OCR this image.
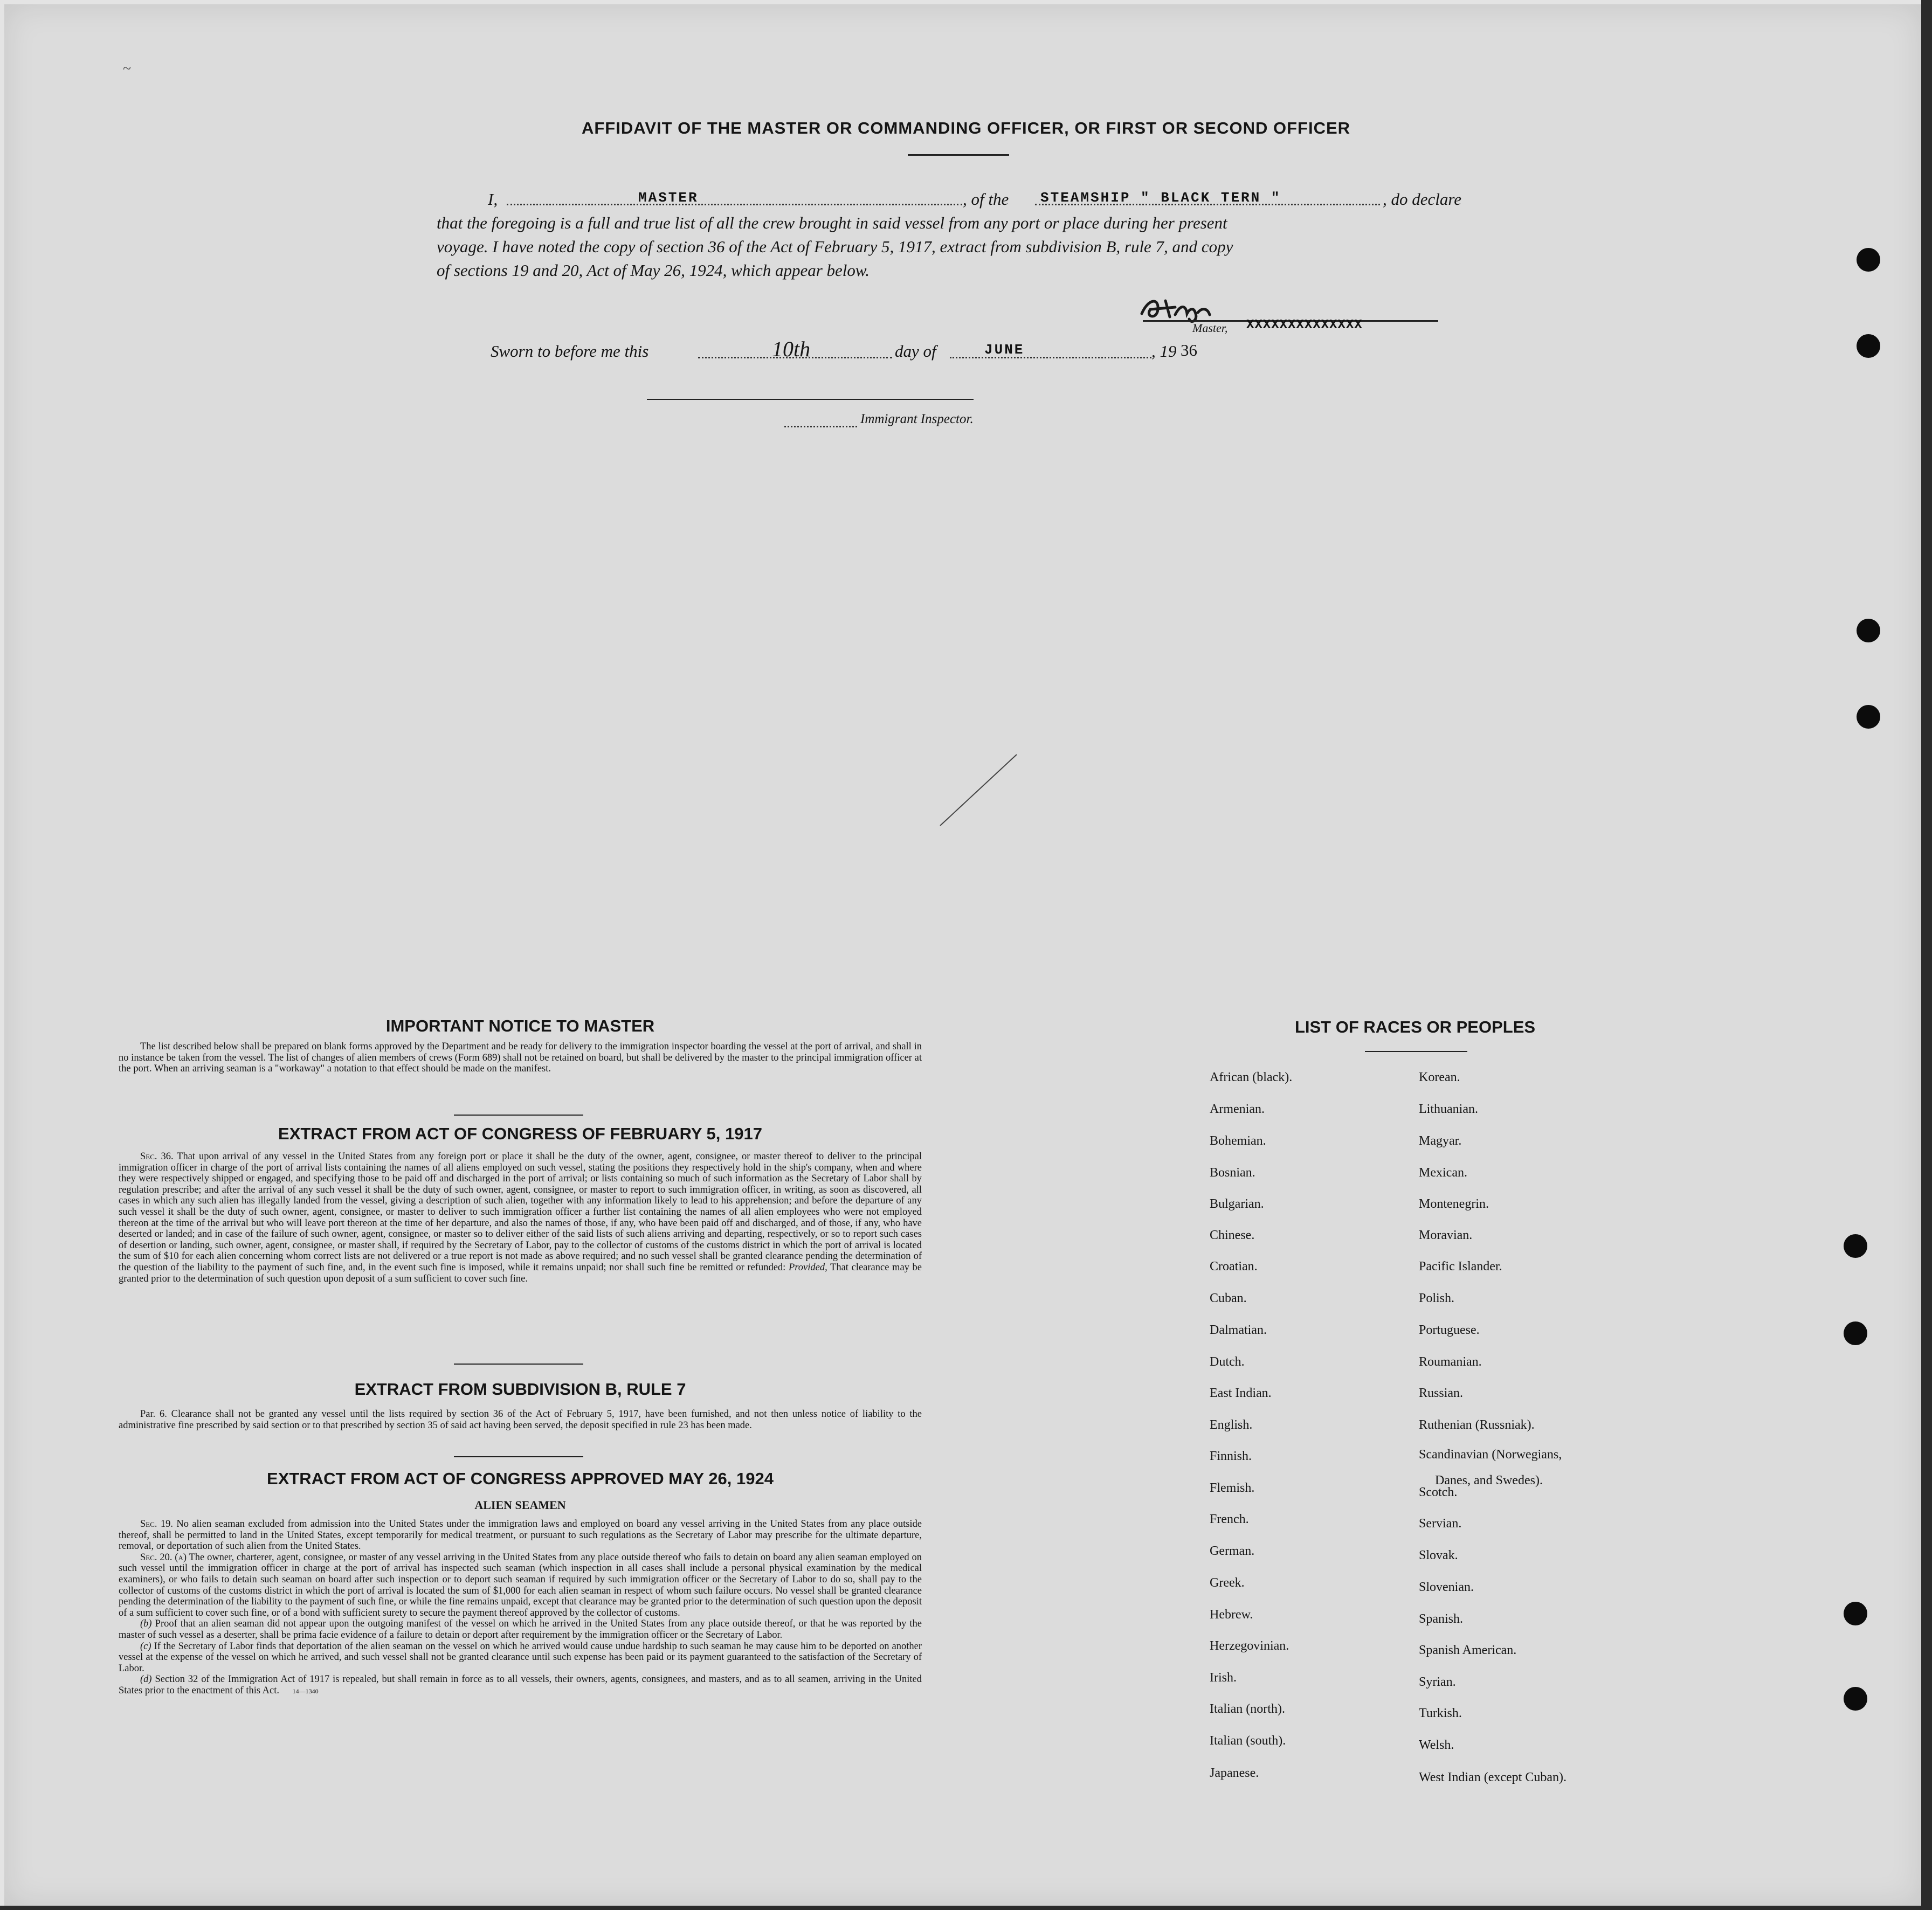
AFFIDAVIT OF THE MASTER OR COMMANDING OFFICER, OR FIRST OR SECOND OFFICER
I,	MASTER	, of the STEAMSHIP " BLACK TERN "	, do declare
that the foregoing is a full and true list of all the crew brought in said vessel from any port or place during her present
voyage. I have noted the copy of section 36 of the Act of February 5, 1917, extract from subdivision B, rule 7, and copy
of sections 19 and 20, Act of May 26, 1924, which appear below.
Master, XXXXXXXXXXXXXX
Sworn to before me this	10th	day of	JUNE	, 19 36
Immigrant Inspector.
~
IMPORTANT NOTICE TO MASTER

The list described below shall be prepared on blank forms approved by the Department and be ready for delivery to the immigration inspector boarding the vessel at the port of arrival, and shall in no instance be taken from the vessel. The list of changes of alien members of crews (Form 689) shall not be retained on board, but shall be delivered by the master to the principal immigration officer at the port. When an arriving seaman is a "workaway" a notation to that effect should be made on the manifest.

EXTRACT FROM ACT OF CONGRESS OF FEBRUARY 5, 1917

Sec. 36. That upon arrival of any vessel in the United States from any foreign port or place it shall be the duty of the owner, agent, consignee, or master thereof to deliver to the principal immigration officer in charge of the port of arrival lists containing the names of all aliens employed on such vessel, stating the positions they respectively hold in the ship's company, when and where they were respectively shipped or engaged, and specifying those to be paid off and discharged in the port of arrival; or lists containing so much of such information as the Secretary of Labor shall by regulation prescribe; and after the arrival of any such vessel it shall be the duty of such owner, agent, consignee, or master to report to such immigration officer, in writing, as soon as discovered, all cases in which any such alien has illegally landed from the vessel, giving a description of such alien, together with any information likely to lead to his apprehension; and before the departure of any such vessel it shall be the duty of such owner, agent, consignee, or master to deliver to such immigration officer a further list containing the names of all alien employees who were not employed thereon at the time of the arrival but who will leave port thereon at the time of her departure, and also the names of those, if any, who have been paid off and discharged, and of those, if any, who have deserted or landed; and in case of the failure of such owner, agent, consignee, or master so to deliver either of the said lists of such aliens arriving and departing, respectively, or so to report such cases of desertion or landing, such owner, agent, consignee, or master shall, if required by the Secretary of Labor, pay to the collector of customs of the customs district in which the port of arrival is located the sum of $10 for each alien concerning whom correct lists are not delivered or a true report is not made as above required; and no such vessel shall be granted clearance pending the determination of the question of the liability to the payment of such fine, and, in the event such fine is imposed, while it remains unpaid; nor shall such fine be remitted or refunded: Provided, That clearance may be granted prior to the determination of such question upon deposit of a sum sufficient to cover such fine.

EXTRACT FROM SUBDIVISION B, RULE 7

Par. 6. Clearance shall not be granted any vessel until the lists required by section 36 of the Act of February 5, 1917, have been furnished, and not then unless notice of liability to the administrative fine prescribed by said section or to that prescribed by section 35 of said act having been served, the deposit specified in rule 23 has been made.

EXTRACT FROM ACT OF CONGRESS APPROVED MAY 26, 1924
ALIEN SEAMEN

Sec. 19. No alien seaman excluded from admission into the United States under the immigration laws and employed on board any vessel arriving in the United States from any place outside thereof, shall be permitted to land in the United States, except temporarily for medical treatment, or pursuant to such regulations as the Secretary of Labor may prescribe for the ultimate departure, removal, or deportation of such alien from the United States.

Sec. 20. (a) The owner, charterer, agent, consignee, or master of any vessel arriving in the United States from any place outside thereof who fails to detain on board any alien seaman employed on such vessel until the immigration officer in charge at the port of arrival has inspected such seaman (which inspection in all cases shall include a personal physical examination by the medical examiners), or who fails to detain such seaman on board after such inspection or to deport such seaman if required by such immigration officer or the Secretary of Labor to do so, shall pay to the collector of customs of the customs district in which the port of arrival is located the sum of $1,000 for each alien seaman in respect of whom such failure occurs. No vessel shall be granted clearance pending the determination of the liability to the payment of such fine, or while the fine remains unpaid, except that clearance may be granted prior to the determination of such question upon the deposit of a sum sufficient to cover such fine, or of a bond with sufficient surety to secure the payment thereof approved by the collector of customs.

(b) Proof that an alien seaman did not appear upon the outgoing manifest of the vessel on which he arrived in the United States from any place outside thereof, or that he was reported by the master of such vessel as a deserter, shall be prima facie evidence of a failure to detain or deport after requirement by the immigration officer or the Secretary of Labor.

(c) If the Secretary of Labor finds that deportation of the alien seaman on the vessel on which he arrived would cause undue hardship to such seaman he may cause him to be deported on another vessel at the expense of the vessel on which he arrived, and such vessel shall not be granted clearance until such expense has been paid or its payment guaranteed to the satisfaction of the Secretary of Labor.

(d) Section 32 of the Immigration Act of 1917 is repealed, but shall remain in force as to all vessels, their owners, agents, consignees, and masters, and as to all seamen, arriving in the United States prior to the enactment of this Act. 14—1340

LIST OF RACES OR PEOPLES
African (black).
Armenian.
Bohemian.
Bosnian.
Bulgarian.
Chinese.
Croatian.
Cuban.
Dalmatian.
Dutch.
East Indian.
English.
Finnish.
Flemish.
French.
German.
Greek.
Hebrew.
Herzegovinian.
Irish.
Italian (north).
Italian (south).
Japanese.
Korean.
Lithuanian.
Magyar.
Mexican.
Montenegrin.
Moravian.
Pacific Islander.
Polish.
Portuguese.
Roumanian.
Russian.
Ruthenian (Russniak).
Scandinavian (Norwegians,
Scotch.
Servian.
Slovak.
Slovenian.
Spanish.
Spanish American.
Syrian.
Turkish.
Welsh.
West Indian (except Cuban).
Danes, and Swedes).
